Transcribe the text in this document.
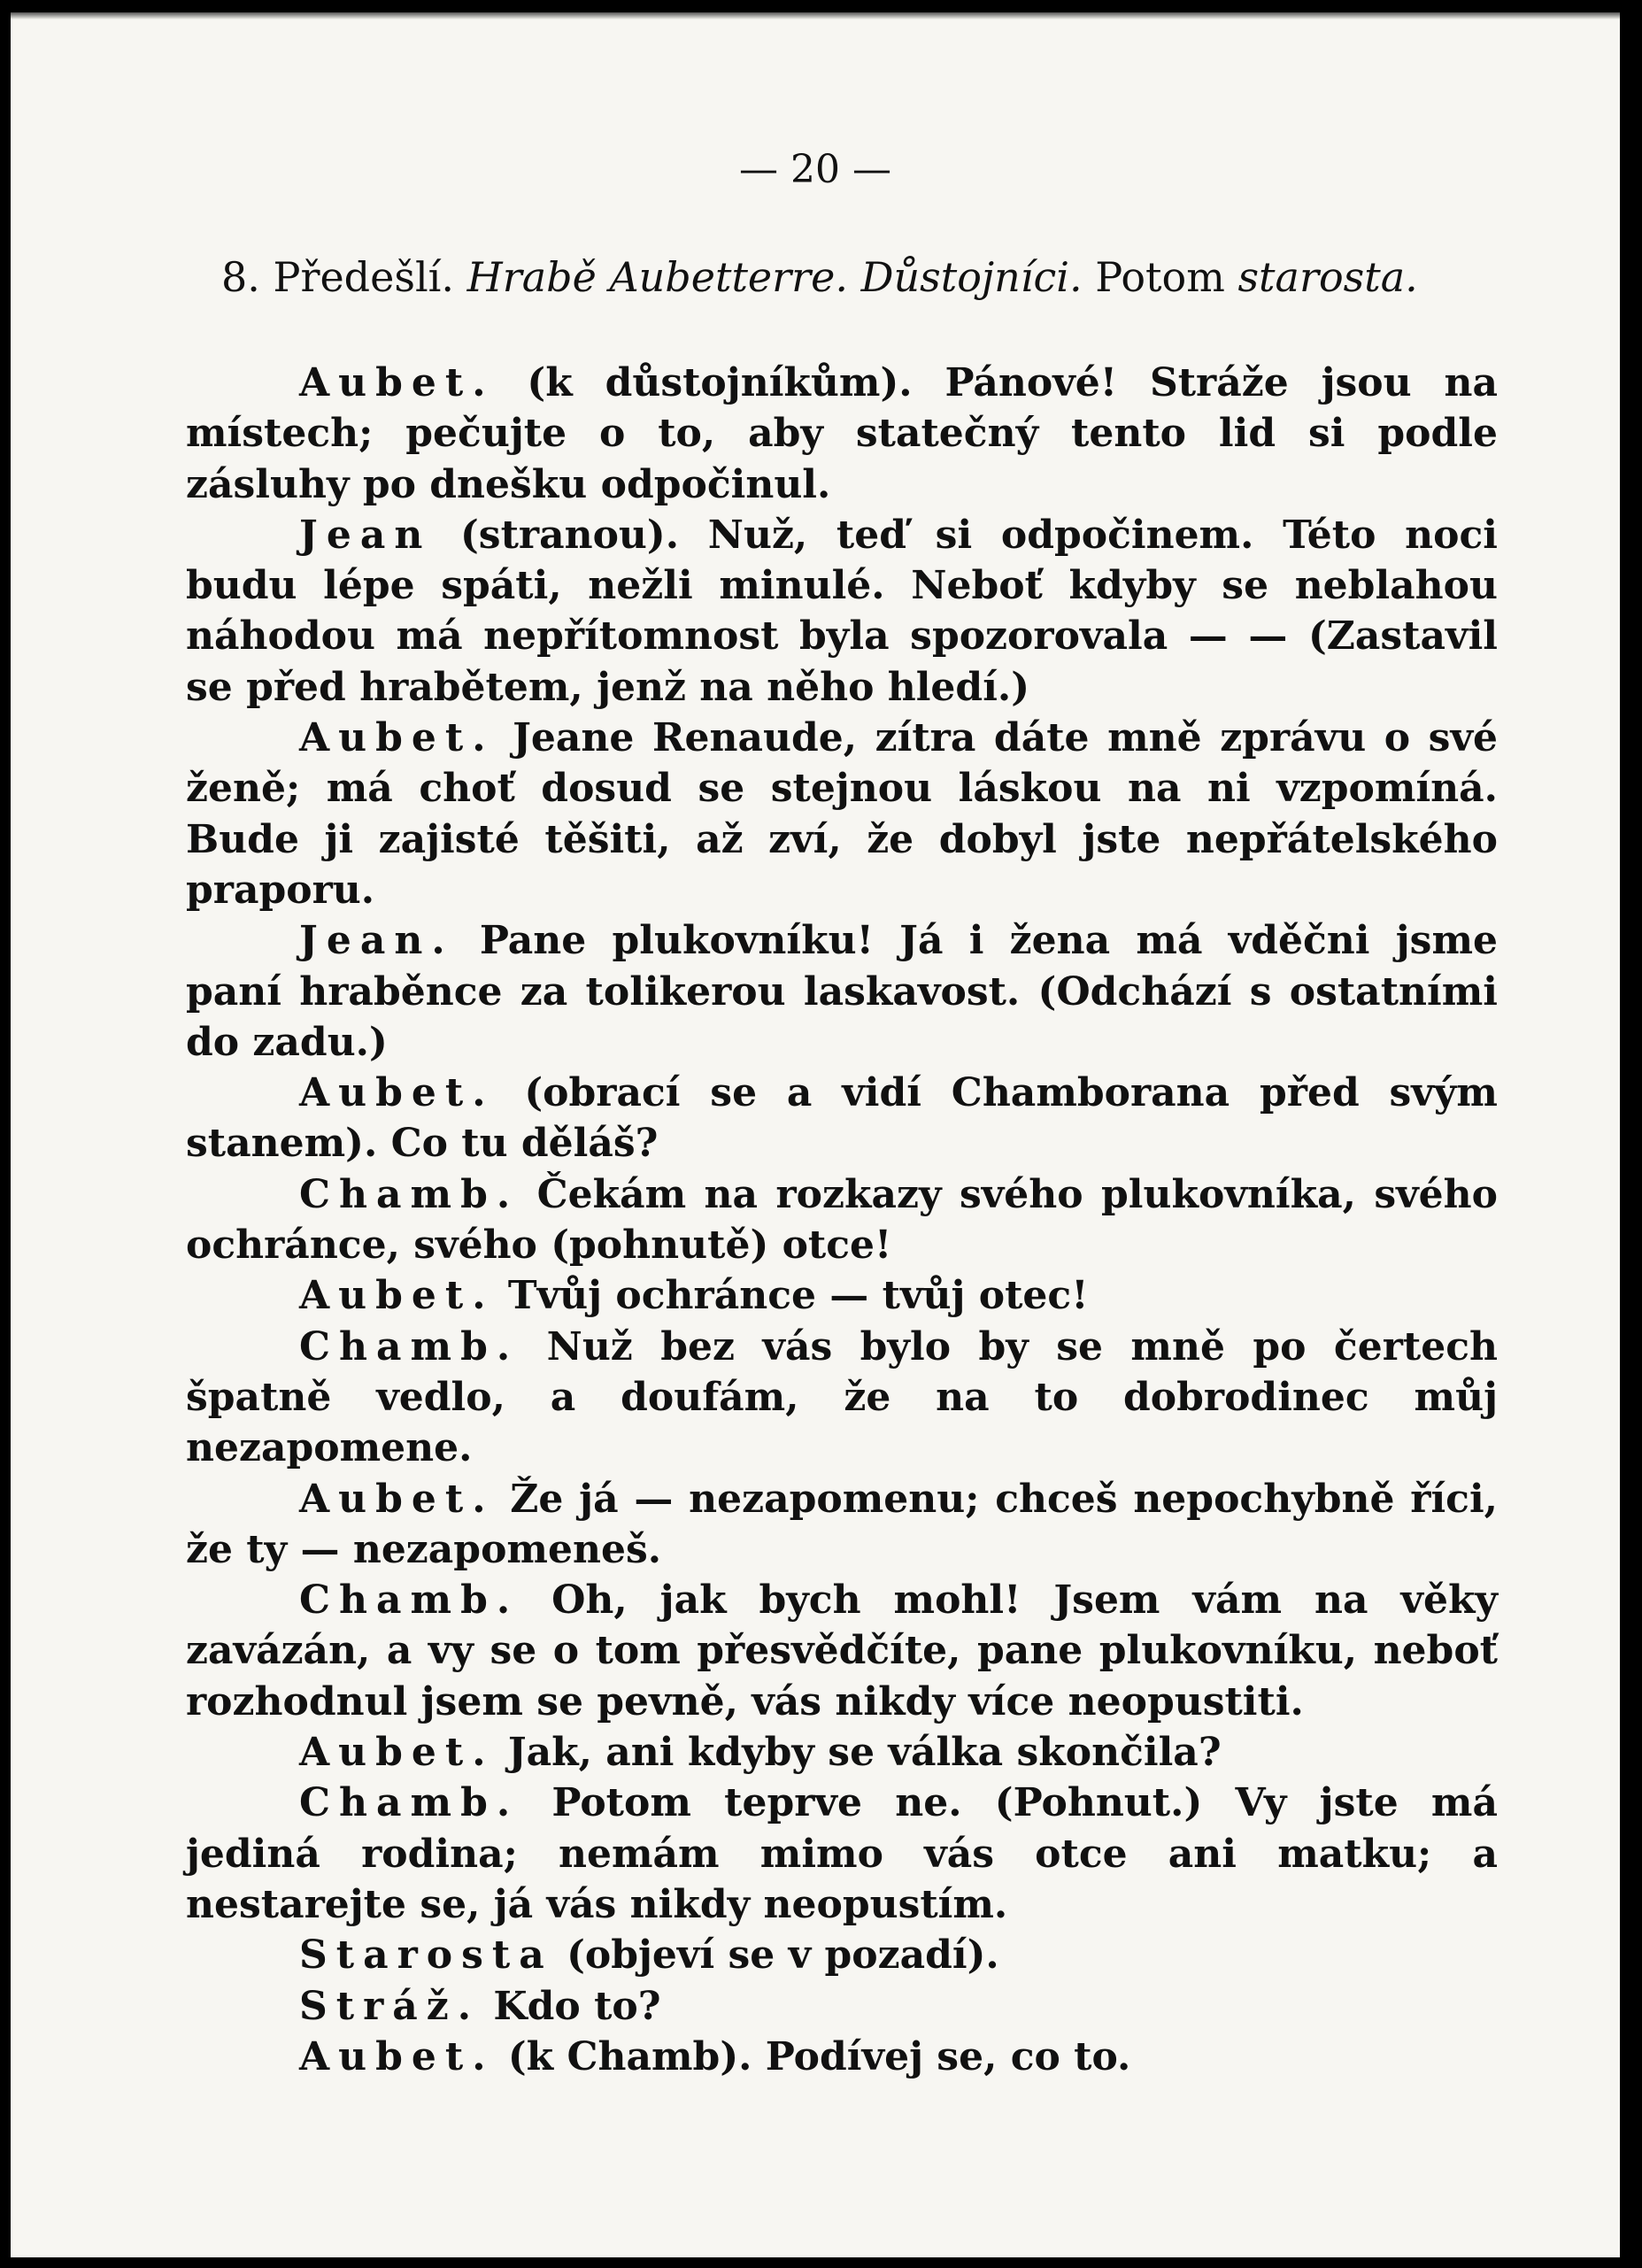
— 20 —
8. Předešlí. Hrabě Aubetterre. Důstojníci. Potom starosta.

Aubet. (k důstojníkům). Pánové! Stráže jsou na místech; pečujte o to, aby statečný tento lid si podle zásluhy po dnešku odpočinul.

Jean (stranou). Nuž, teď si odpočinem. Této noci budu lépe spáti, nežli minulé. Neboť kdyby se neblahou náhodou má nepřítomnost byla spozorovala — — (Zastavil se před hrabětem, jenž na něho hledí.)

Aubet. Jeane Renaude, zítra dáte mně zprávu o své ženě; má choť dosud se stejnou láskou na ni vzpomíná. Bude ji zajisté těšiti, až zví, že dobyl jste nepřátelského praporu.

Jean. Pane plukovníku! Já i žena má vděčni jsme paní hraběnce za tolikerou laskavost. (Odchází s ostatními do zadu.)

Aubet. (obrací se a vidí Chamborana před svým stanem). Co tu děláš?

Chamb. Čekám na rozkazy svého plukovníka, svého ochránce, svého (pohnutě) otce!

Aubet. Tvůj ochránce — tvůj otec!

Chamb. Nuž bez vás bylo by se mně po čertech špatně vedlo, a doufám, že na to dobrodinec můj nezapomene.

Aubet. Že já — nezapomenu; chceš nepochybně říci, že ty — nezapomeneš.

Chamb. Oh, jak bych mohl! Jsem vám na věky zavázán, a vy se o tom přesvědčíte, pane plukovníku, neboť rozhodnul jsem se pevně, vás nikdy více neopustiti.

Aubet. Jak, ani kdyby se válka skončila?

Chamb. Potom teprve ne. (Pohnut.) Vy jste má jediná rodina; nemám mimo vás otce ani matku; a nestarejte se, já vás nikdy neopustím.

Starosta (objeví se v pozadí).

Stráž. Kdo to?

Aubet. (k Chamb). Podívej se, co to.
